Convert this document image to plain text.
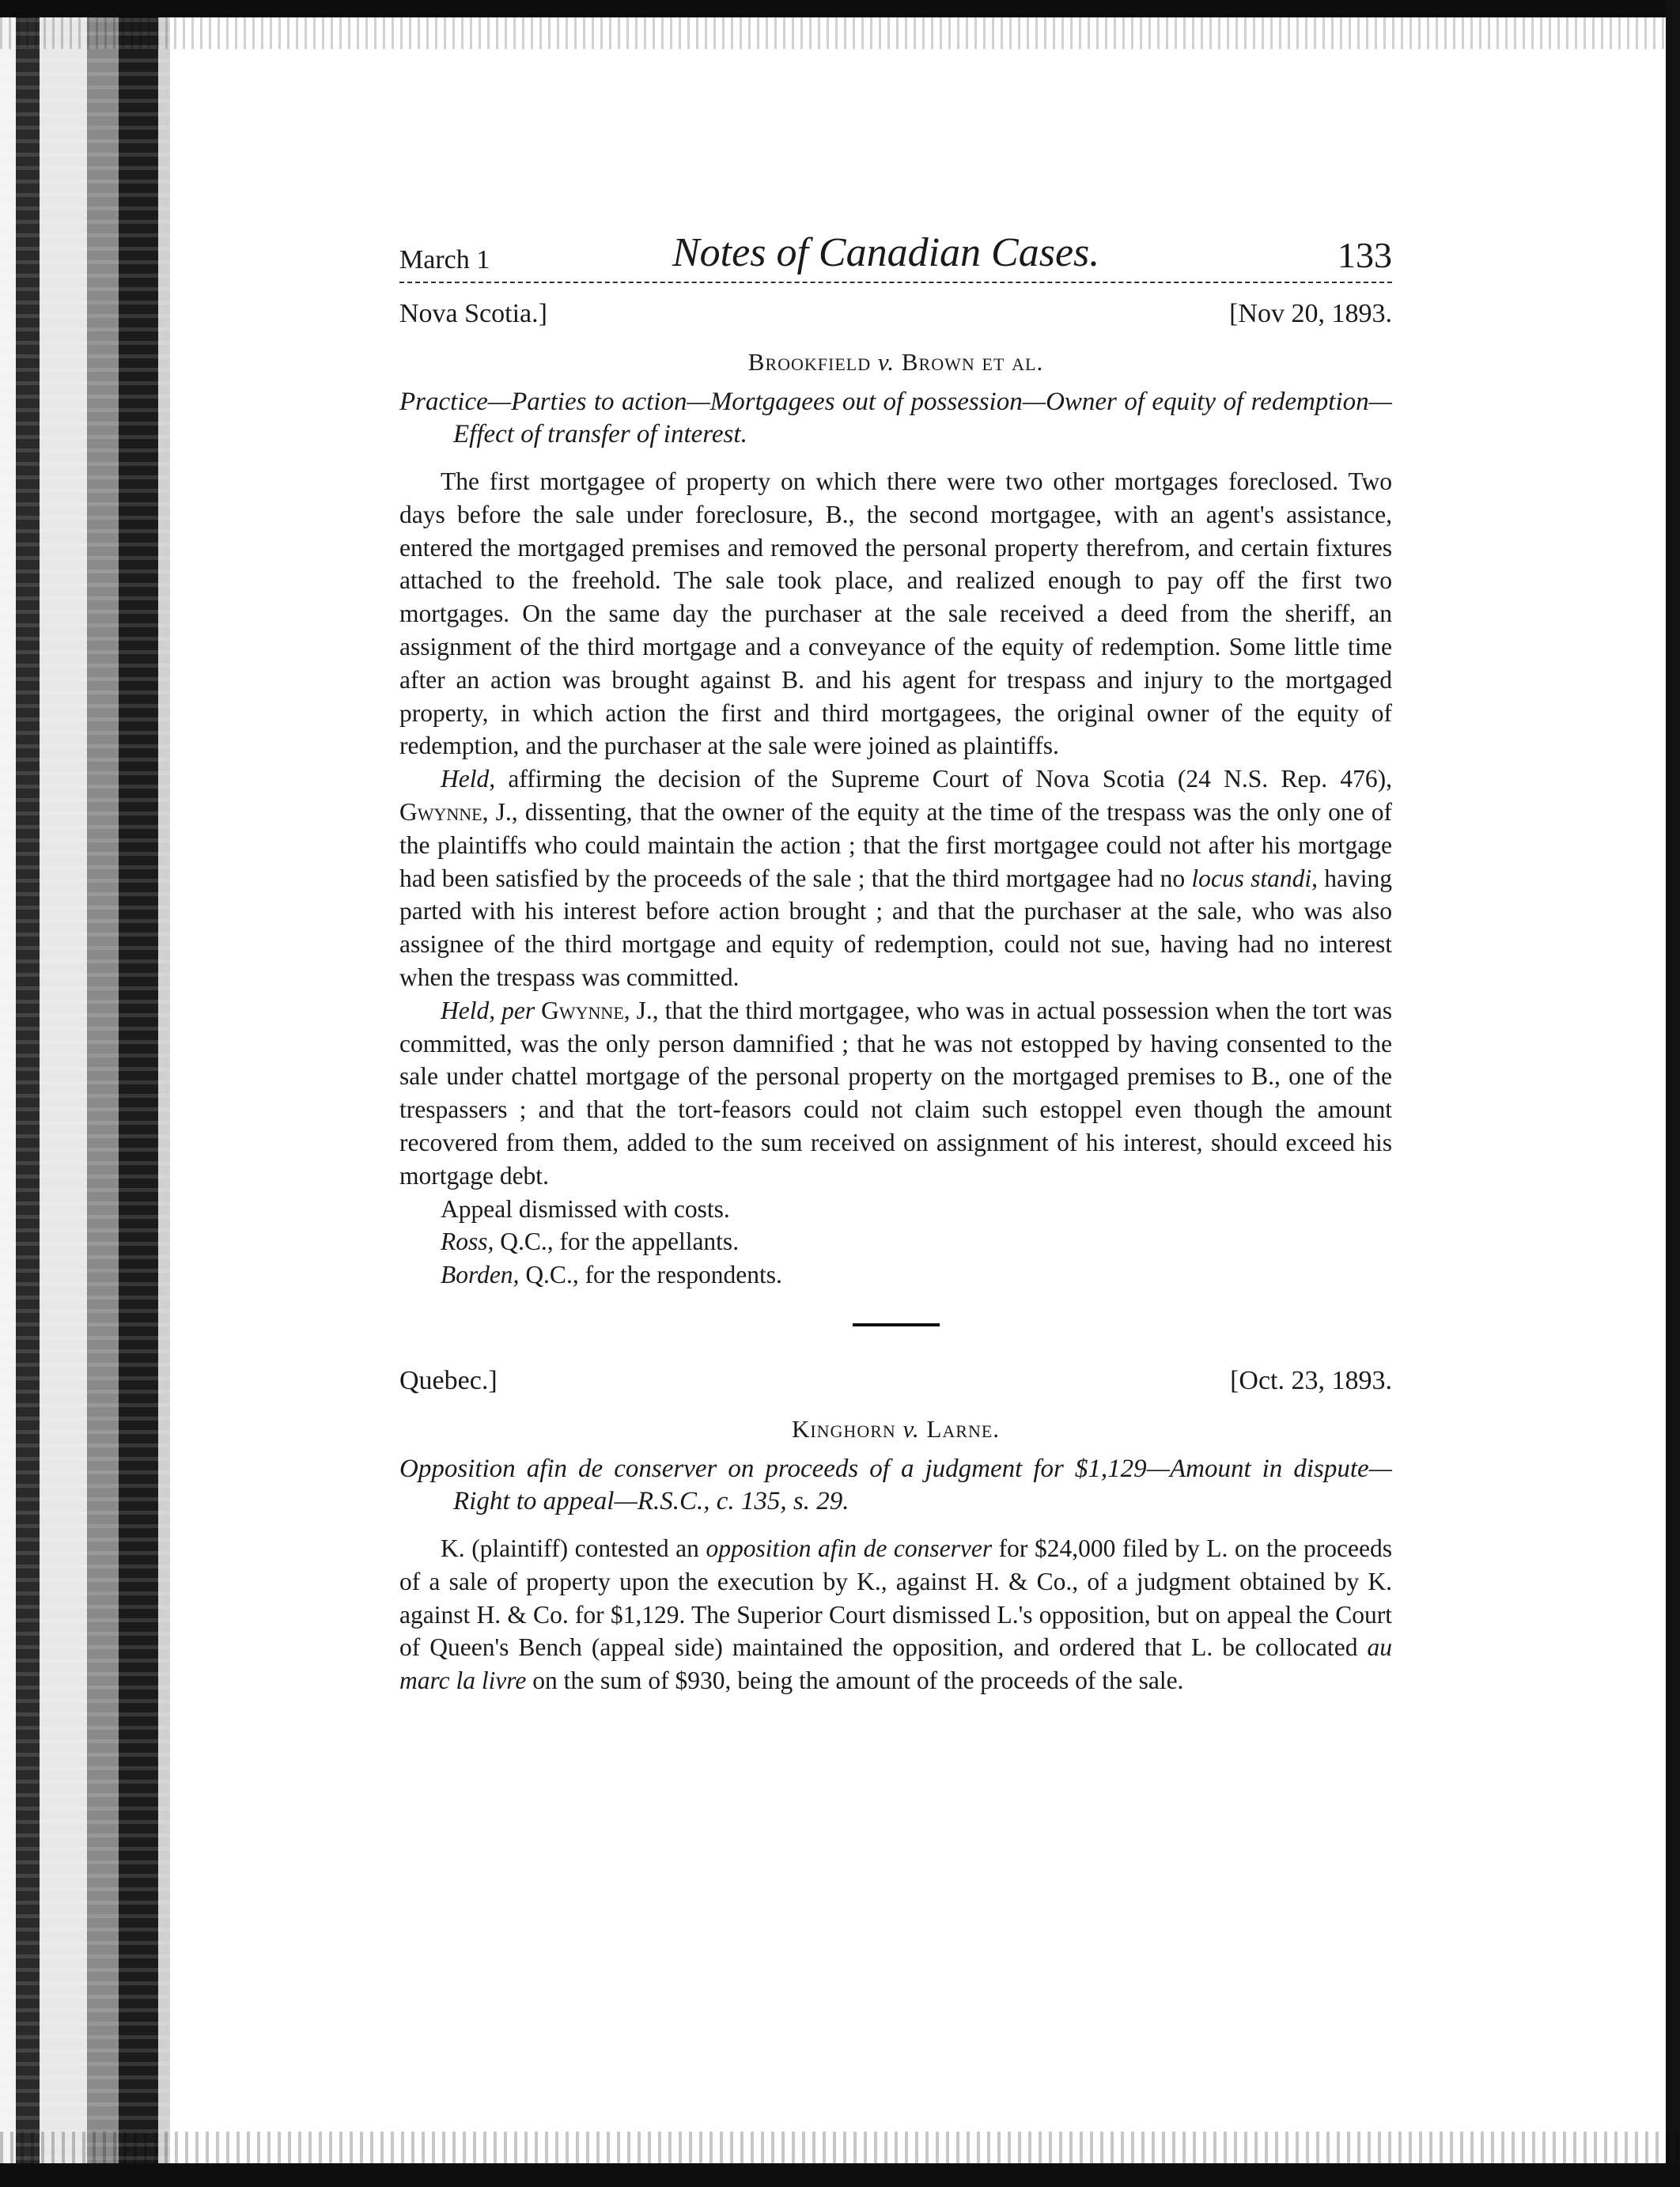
March 1	Notes of Canadian Cases.	133
Nova Scotia.]	[Nov 20, 1893.
Brookfield v. Brown et al.
Practice—Parties to action—Mortgagees out of possession—Owner of equity of redemption—Effect of transfer of interest.

The first mortgagee of property on which there were two other mortgages foreclosed. Two days before the sale under foreclosure, B., the second mortgagee, with an agent's assistance, entered the mortgaged premises and removed the personal property therefrom, and certain fixtures attached to the freehold. The sale took place, and realized enough to pay off the first two mortgages. On the same day the purchaser at the sale received a deed from the sheriff, an assignment of the third mortgage and a conveyance of the equity of redemption. Some little time after an action was brought against B. and his agent for trespass and injury to the mortgaged property, in which action the first and third mortgagees, the original owner of the equity of redemption, and the purchaser at the sale were joined as plaintiffs.

Held, affirming the decision of the Supreme Court of Nova Scotia (24 N.S. Rep. 476), Gwynne, J., dissenting, that the owner of the equity at the time of the trespass was the only one of the plaintiffs who could maintain the action ; that the first mortgagee could not after his mortgage had been satisfied by the proceeds of the sale ; that the third mortgagee had no locus standi, having parted with his interest before action brought ; and that the purchaser at the sale, who was also assignee of the third mortgage and equity of redemption, could not sue, having had no interest when the trespass was committed.

Held, per Gwynne, J., that the third mortgagee, who was in actual possession when the tort was committed, was the only person damnified ; that he was not estopped by having consented to the sale under chattel mortgage of the personal property on the mortgaged premises to B., one of the trespassers ; and that the tort-feasors could not claim such estoppel even though the amount recovered from them, added to the sum received on assignment of his interest, should exceed his mortgage debt.

Appeal dismissed with costs.
Ross, Q.C., for the appellants.
Borden, Q.C., for the respondents.
Quebec.]	[Oct. 23, 1893.
Kinghorn v. Larne.
Opposition afin de conserver on proceeds of a judgment for $1,129—Amount in dispute—Right to appeal—R.S.C., c. 135, s. 29.

K. (plaintiff) contested an opposition afin de conserver for $24,000 filed by L. on the proceeds of a sale of property upon the execution by K., against H. & Co., of a judgment obtained by K. against H. & Co. for $1,129. The Superior Court dismissed L.'s opposition, but on appeal the Court of Queen's Bench (appeal side) maintained the opposition, and ordered that L. be collocated au marc la livre on the sum of $930, being the amount of the proceeds of the sale.
